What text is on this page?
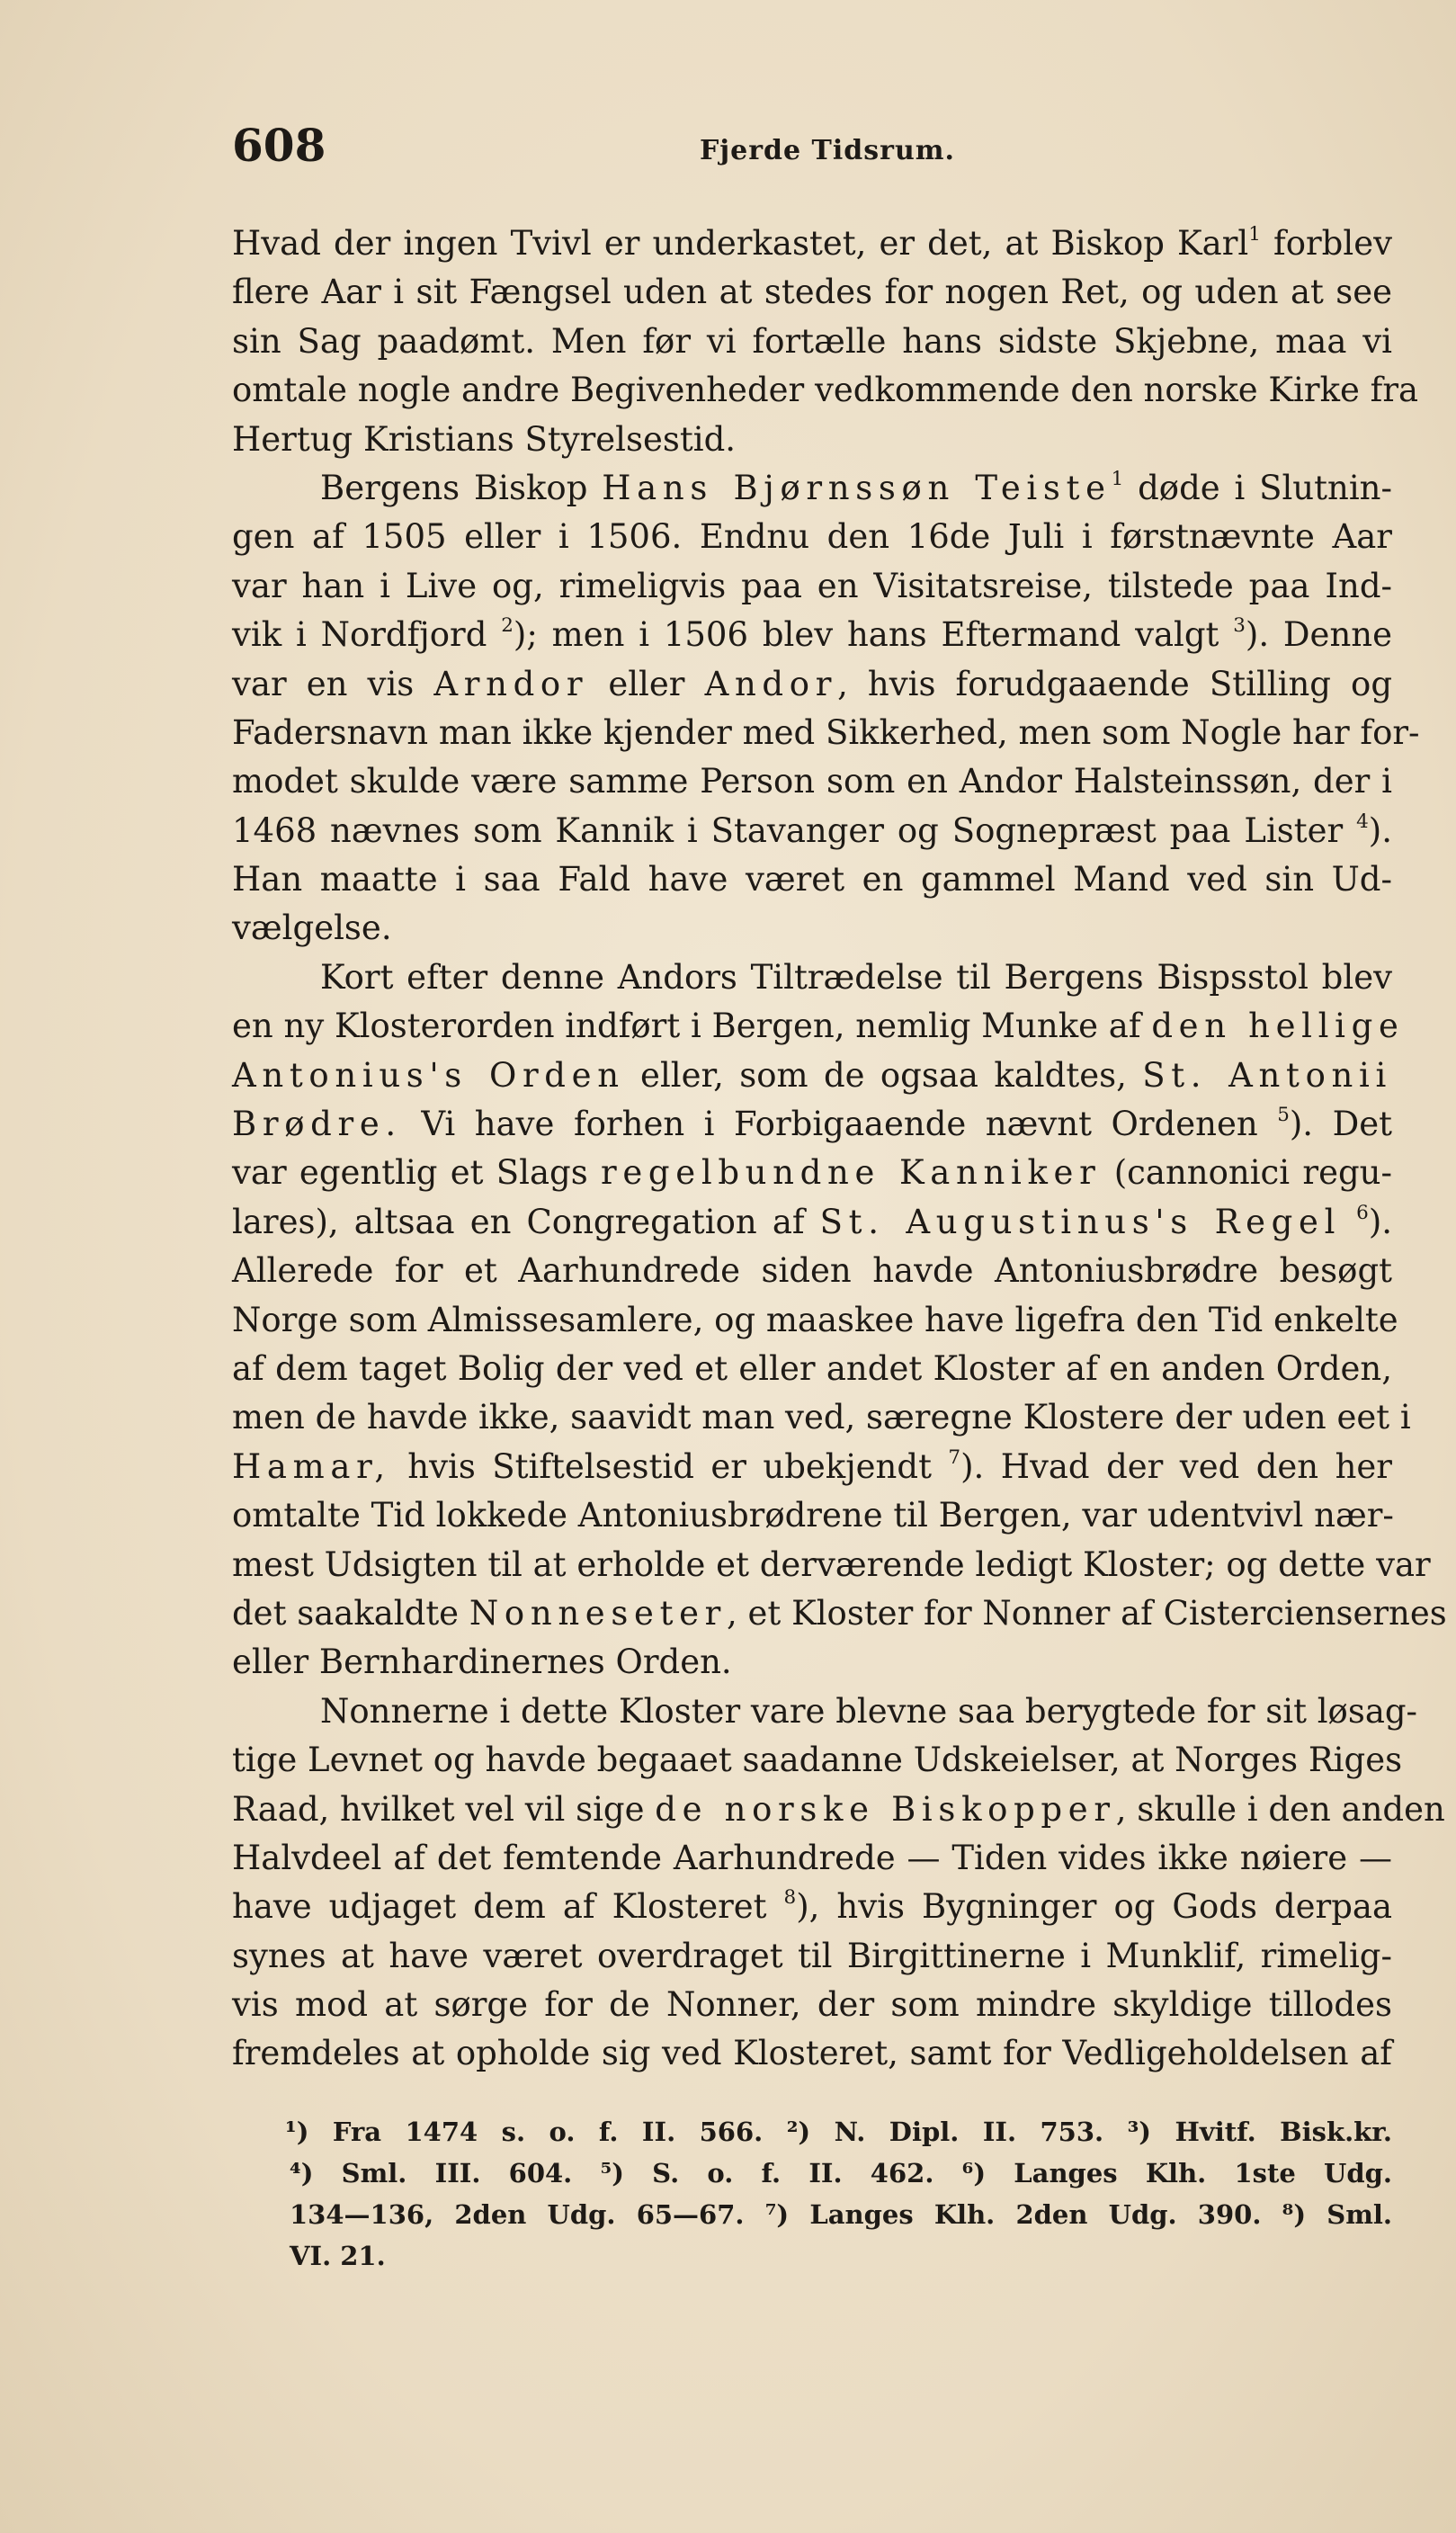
608	Fjerde Tidsrum.
Hvad der ingen Tvivl er underkastet, er det, at Biskop Karl$^1$ forblev
flere Aar i sit Fængsel uden at stedes for nogen Ret, og uden at see
sin Sag paadømt. Men før vi fortælle hans sidste Skjebne, maa vi
omtale nogle andre Begivenheder vedkommende den norske Kirke fra
Hertug Kristians Styrelsestid.
Bergens Biskop Hans Bjørnssøn Teiste$^1$ døde i Slutnin-
gen af 1505 eller i 1506. Endnu den 16de Juli i førstnævnte Aar
var han i Live og, rimeligvis paa en Visitatsreise, tilstede paa Ind-
vik i Nordfjord $^2$); men i 1506 blev hans Eftermand valgt $^3$). Denne
var en vis Arndor eller Andor, hvis forudgaaende Stilling og
Fadersnavn man ikke kjender med Sikkerhed, men som Nogle har for-
modet skulde være samme Person som en Andor Halsteinssøn, der i
1468 nævnes som Kannik i Stavanger og Sognepræst paa Lister $^4$).
Han maatte i saa Fald have været en gammel Mand ved sin Ud-
vælgelse.
Kort efter denne Andors Tiltrædelse til Bergens Bispsstol blev
en ny Klosterorden indført i Bergen, nemlig Munke af den hellige
Antonius's Orden eller, som de ogsaa kaldtes, St. Antonii
Brødre. Vi have forhen i Forbigaaende nævnt Ordenen $^5$). Det
var egentlig et Slags regelbundne Kanniker (cannonici regu-
lares), altsaa en Congregation af St. Augustinus's Regel $^6$).
Allerede for et Aarhundrede siden havde Antoniusbrødre besøgt
Norge som Almissesamlere, og maaskee have ligefra den Tid enkelte
af dem taget Bolig der ved et eller andet Kloster af en anden Orden,
men de havde ikke, saavidt man ved, særegne Klostere der uden eet i
Hamar, hvis Stiftelsestid er ubekjendt $^7$). Hvad der ved den her
omtalte Tid lokkede Antoniusbrødrene til Bergen, var udentvivl nær-
mest Udsigten til at erholde et derværende ledigt Kloster; og dette var
det saakaldte Nonneseter, et Kloster for Nonner af Cisterciensernes
eller Bernhardinernes Orden.
Nonnerne i dette Kloster vare blevne saa berygtede for sit løsag-
tige Levnet og havde begaaet saadanne Udskeielser, at Norges Riges
Raad, hvilket vel vil sige de norske Biskopper, skulle i den anden
Halvdeel af det femtende Aarhundrede — Tiden vides ikke nøiere —
have udjaget dem af Klosteret $^8$), hvis Bygninger og Gods derpaa
synes at have været overdraget til Birgittinerne i Munklif, rimelig-
vis mod at sørge for de Nonner, der som mindre skyldige tillodes
fremdeles at opholde sig ved Klosteret, samt for Vedligeholdelsen af
¹) Fra 1474 s. o. f. II. 566. ²) N. Dipl. II. 753. ³) Hvitf. Bisk.kr.
⁴) Sml. III. 604. ⁵) S. o. f. II. 462. ⁶) Langes Klh. 1ste Udg.
134—136, 2den Udg. 65—67. ⁷) Langes Klh. 2den Udg. 390. ⁸) Sml.
VI. 21.
